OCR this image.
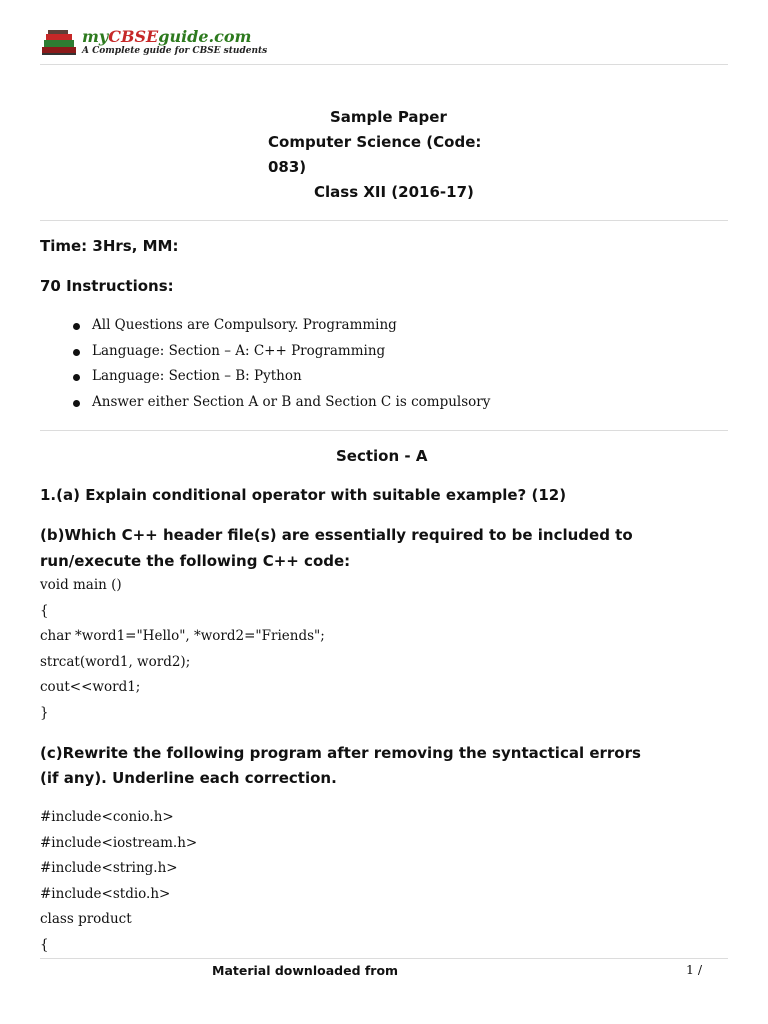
myCBSEguide.com
A Complete guide for CBSE students
Sample Paper
Computer Science (Code:
083)
Class XII (2016-17)
Time: 3Hrs, MM:
70 Instructions:
All Questions are Compulsory. Programming
Language: Section – A: C++ Programming
Language: Section – B: Python
Answer either Section A or B and Section C is compulsory
Section - A
1.(a) Explain conditional operator with suitable example? (12)
(b)Which C++ header file(s) are essentially required to be included to
run/execute the following C++ code:
void main ()
{
char *word1="Hello", *word2="Friends";
strcat(word1, word2);
cout<<word1;
}
(c)Rewrite the following program after removing the syntactical errors
(if any). Underline each correction.
#include<conio.h>
#include<iostream.h>
#include<string.h>
#include<stdio.h>
class product
{
Material downloaded from	1 /
